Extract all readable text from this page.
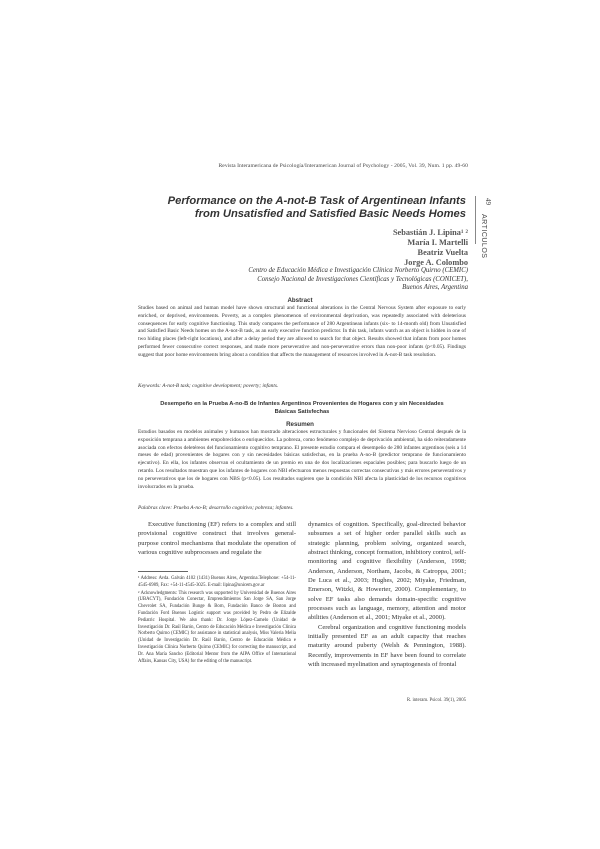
Revista Interamericana de Psicología/Interamerican Journal of Psychology - 2005, Vol. 39, Num. 1 pp. 49-60
49
ARTICULOS
Performance on the A-not-B Task of Argentinean Infants from Unsatisfied and Satisfied Basic Needs Homes
Sebastián J. Lipina¹ ²
María I. Martelli
Beatriz Vuelta
Jorge A. Colombo
Centro de Educación Médica e Investigación Clínica Norberto Quirno (CEMIC)
Consejo Nacional de Investigaciones Científicas y Tecnológicas (CONICET),
Buenos Aires, Argentina
Abstract
Studies based on animal and human model have shown structural and functional alterations in the Central Nervous System after exposure to early enriched, or deprived, environments. Poverty, as a complex phenomenon of environmental deprivation, was repeatedly associated with deleterious consequences for early cognitive functioning. This study compares the performance of 280 Argentinean infants (six- to 14-month old) from Unsatisfied and Satisfied Basic Needs homes on the A-not-B task, as an early executive function predictor. In this task, infants watch as an object is hidden in one of two hiding places (left-right locations), and after a delay period they are allowed to search for that object. Results showed that infants from poor homes performed fewer consecutive correct responses, and made more perseverative and non-perseverative errors than non-poor infants (p<0.05). Findings suggest that poor home environments bring about a condition that affects the management of resources involved in A-not-B task resolution.
Keywords: A-not-B task; cognitive development; poverty; infants.
Desempeño en la Prueba A-no-B de Infantes Argentinos Provenientes de Hogares con y sin Necesidades Básicas Satisfechas
Resumen
Estudios basados en modelos animales y humanos han mostrado alteraciones estructurales y funcionales del Sistema Nervioso Central después de la exposición temprana a ambientes empobrecidos o enriquecidos. La pobreza, como fenómeno complejo de deprivación ambiental, ha sido reiteradamente asociada con efectos deletéreos del funcionamiento cognitivo temprano. El presente estudio compara el desempeño de 280 infantes argentinos (seis a 14 meses de edad) provenientes de hogares con y sin necesidades básicas satisfechas, en la prueba A-no-B (predictor temprano de funcionamiento ejecutivo). En ella, los infantes observan el ocultamiento de un premio en una de dos localizaciones espaciales posibles; para buscarlo luego de un retardo. Los resultados muestran que los infantes de hogares con NBI efectuaron menos respuestas correctas consecutivas y más errores perseverativos y no perseverativos que los de hogares con NBS (p<0.05). Los resultados sugieren que la condición NBI afecta la plasticidad de los recursos cognitivos involucrados en la prueba.
Palabras clave: Prueba A-no-B; desarrollo cognitivo; pobreza; infantes.
Executive functioning (EF) refers to a complex and still provisional cognitive construct that involves general-purpose control mechanisms that modulate the operation of various cognitive subprocesses and regulate the
dynamics of cognition. Specifically, goal-directed behavior subsumes a set of higher order parallel skills such as strategic planning, problem solving, organized search, abstract thinking, concept formation, inhibitory control, self-monitoring and cognitive flexibility (Anderson, 1998; Anderson, Anderson, Northam, Jacobs, & Catroppa, 2001; De Luca et al., 2003; Hughes, 2002; Miyake, Friedman, Emerson, Witzki, & Howerter, 2000). Complementary, to solve EF tasks also demands domain-specific cognitive processes such as language, memory, attention and motor abilities (Anderson et al., 2001; Miyake et al., 2000).
Cerebral organization and cognitive functioning models initially presented EF as an adult capacity that reaches maturity around puberty (Welsh & Pennington, 1988). Recently, improvements in EF have been found to correlate with increased myelination and synaptogenesis of frontal
¹ Address: Avda. Galván 4102 (1431) Buenos Aires, Argentina.Telephone: +54-11-4545-6989, Fax: +54-11-4545-3025. E-mail: lipina@unicem.gov.ar
² Acknowledgments: This research was supported by Universidad de Buenos Aires (UBACYT), Fundación Conectar, Emprendimientos San Jorge SA, San Jorge Chevrolet SA, Fundación Bunge & Born, Fundación Banco de Boston and Fundación Ford Buenos Logístic support was provided by Pedro de Elizalde Pediatric Hospital. We also thank: Dr. Jorge López-Camelo (Unidad de Investigación Dr. Raúl Barón, Centro de Educación Médica e Investigación Clínica Norberto Quirno (CEMIC) for assistance in statistical analysis, Miss Valeria Melia (Unidad de Investigación Dr. Raúl Barón, Centro de Educación Médica e Investigación Clínica Norberto Quirno (CEMIC) for correcting the manuscript, and Dr. Ana María Sancho (Editorial Mentor from the AIPA Office of International Affairs, Kansas City, USA) for the editing of the manuscript.
R. interam. Psicol. 39(1), 2005
